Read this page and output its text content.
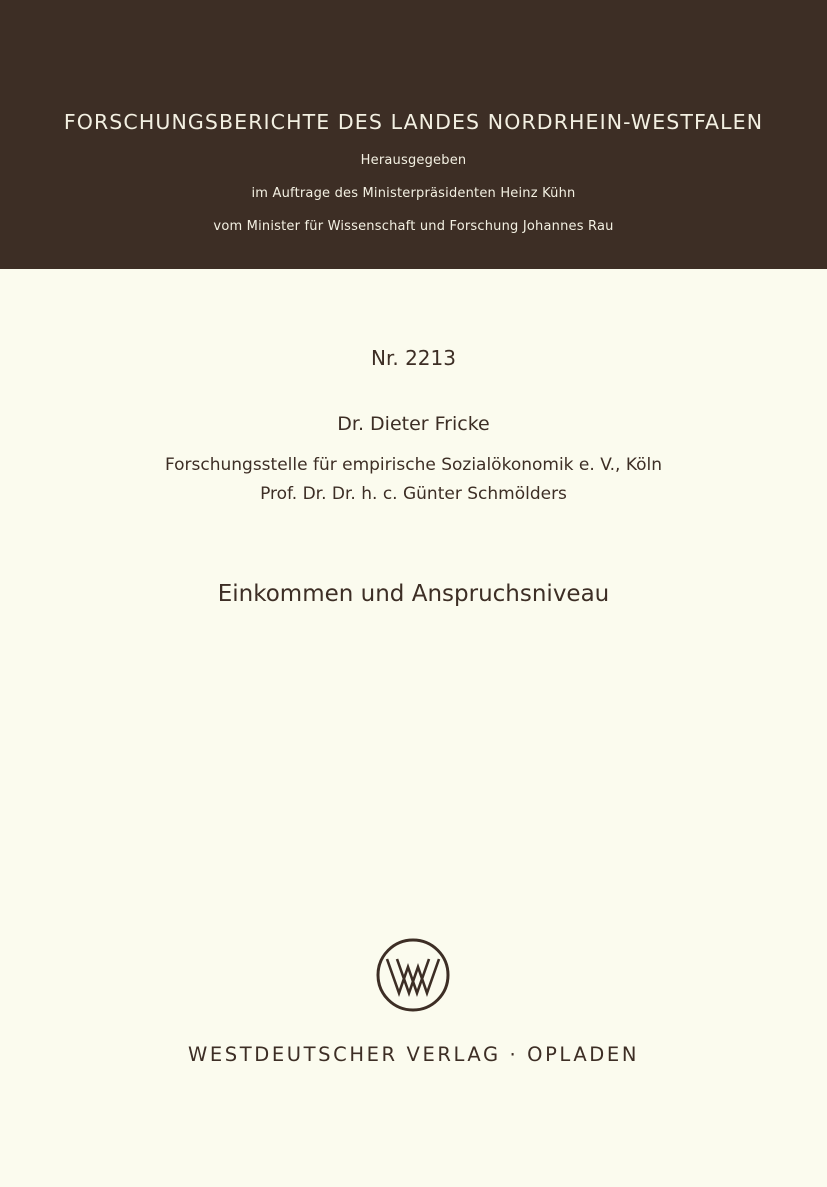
FORSCHUNGSBERICHTE DES LANDES NORDRHEIN-WESTFALEN
Herausgegeben
im Auftrage des Ministerpräsidenten Heinz Kühn
vom Minister für Wissenschaft und Forschung Johannes Rau
Nr. 2213
Dr. Dieter Fricke
Forschungsstelle für empirische Sozialökonomik e. V., Köln
Prof. Dr. Dr. h. c. Günter Schmölders
Einkommen und Anspruchsniveau
WESTDEUTSCHER VERLAG · OPLADEN
